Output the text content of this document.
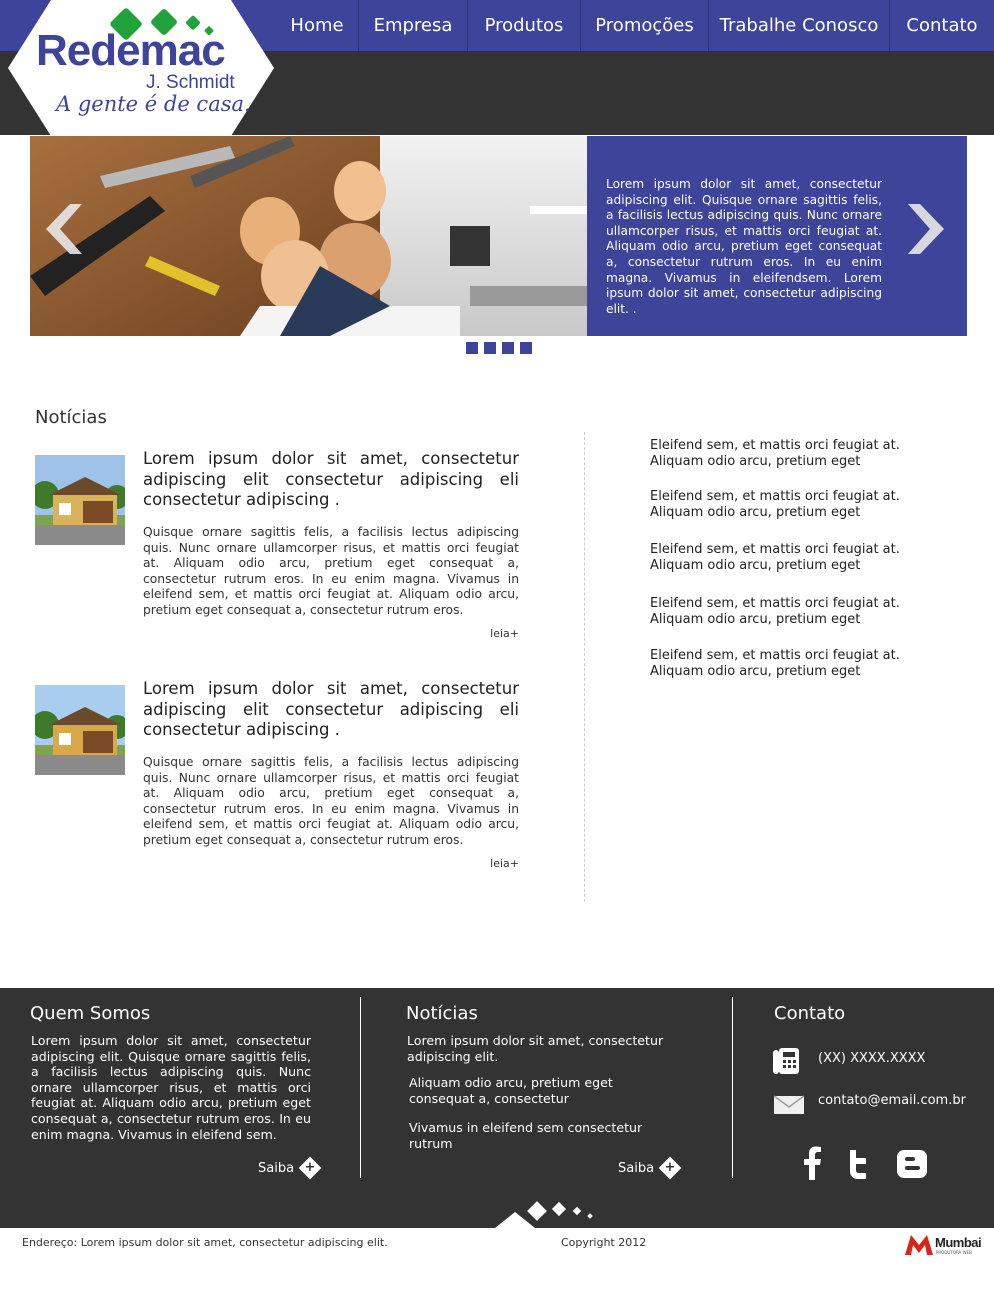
Home	Empresa	Produtos	Promoções	Trabalhe Conosco	Contato
Redemac
J. Schmidt
A gente é de casa.

Lorem ipsum dolor sit amet, consectetur adipiscing elit. Quisque ornare sagittis felis, a facilisis lectus adipiscing quis. Nunc ornare ullamcorper risus, et mattis orci feugiat at. Aliquam odio arcu, pretium eget consequat a, consectetur rutrum eros. In eu enim magna. Vivamus in eleifendsem. Lorem ipsum dolor sit amet, consectetur adipiscing elit. .

Notícias
Lorem ipsum dolor sit amet, consectetur adipiscing elit consectetur adipiscing eli consectetur adipiscing .

Quisque ornare sagittis felis, a facilisis lectus adipiscing quis. Nunc ornare ullamcorper risus, et mattis orci feugiat at. Aliquam odio arcu, pretium eget consequat a, consectetur rutrum eros. In eu enim magna. Vivamus in eleifend sem, et mattis orci feugiat at. Aliquam odio arcu, pretium eget consequat a, consectetur rutrum eros.

leia+
Lorem ipsum dolor sit amet, consectetur adipiscing elit consectetur adipiscing eli consectetur adipiscing .

Quisque ornare sagittis felis, a facilisis lectus adipiscing quis. Nunc ornare ullamcorper risus, et mattis orci feugiat at. Aliquam odio arcu, pretium eget consequat a, consectetur rutrum eros. In eu enim magna. Vivamus in eleifend sem, et mattis orci feugiat at. Aliquam odio arcu, pretium eget consequat a, consectetur rutrum eros.

leia+
Eleifend sem, et mattis orci feugiat at. Aliquam odio arcu, pretium eget
Eleifend sem, et mattis orci feugiat at. Aliquam odio arcu, pretium eget
Eleifend sem, et mattis orci feugiat at. Aliquam odio arcu, pretium eget
Eleifend sem, et mattis orci feugiat at. Aliquam odio arcu, pretium eget
Eleifend sem, et mattis orci feugiat at. Aliquam odio arcu, pretium eget
Quem Somos
Lorem ipsum dolor sit amet, consectetur adipiscing elit. Quisque ornare sagittis felis, a facilisis lectus adipiscing quis. Nunc ornare ullamcorper risus, et mattis orci feugiat at. Aliquam odio arcu, pretium eget consequat a, consectetur rutrum eros. In eu enim magna. Vivamus in eleifend sem.
Saiba +
Notícias
Lorem ipsum dolor sit amet, consectetur adipiscing elit.
Aliquam odio arcu, pretium eget consequat a, consectetur
Vivamus in eleifend sem consectetur rutrum
Saiba +
Contato
(XX) XXXX.XXXX
contato@email.com.br
Endereço: Lorem ipsum dolor sit amet, consectetur adipiscing elit.	Copyright 2012	Mumbai
PRODUTORA WEB
